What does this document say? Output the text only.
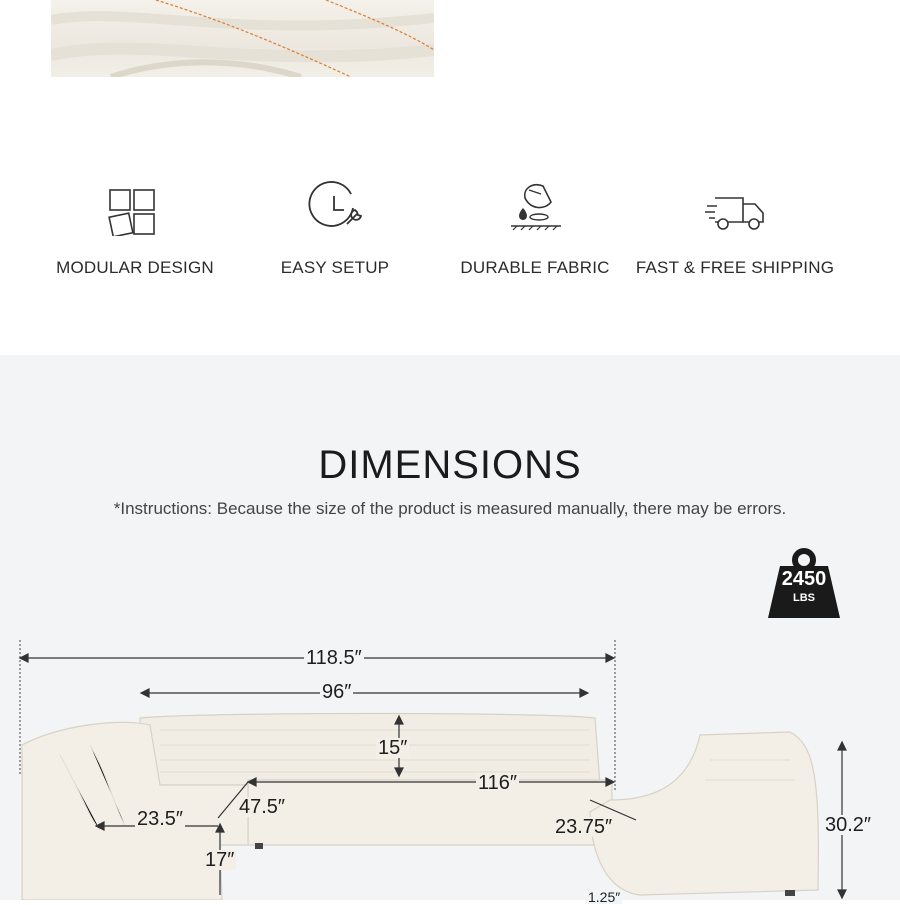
MODULAR DESIGN	EASY SETUP	DURABLE FABRIC	FAST & FREE SHIPPING
DIMENSIONS
*Instructions: Because the size of the product is measured manually, there may be errors.
2450
LBS
118.5″
96″
15″
116″
47.5″
23.5″
17″
23.75″	30.2″
1.25″
